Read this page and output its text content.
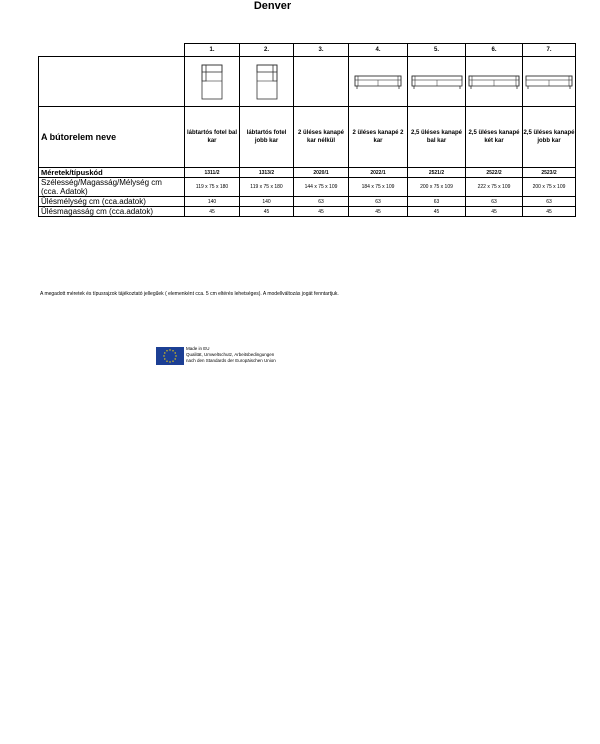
Denver
	1.	2.	3.	4.	5.	6.	7.

A bútorelem neve	lábtartós fotel bal kar	lábtartós fotel jobb kar	2 üléses kanapé kar nélkül	2 üléses kanapé 2 kar	2,5 üléses kanapé bal kar	2,5 üléses kanapé két kar	2,5 üléses kanapé jobb kar
Méretek/típuskód	1311/2	1313/2	2020/1	2022/1	2521/2	2522/2	2523/2
Szélesség/Magasság/Mélység cm
(cca. Adatok)	119 x 75 x 180	119 x 75 x 180	144 x 75 x 109	184 x 75 x 109	200 x 75 x 109	222 x 75 x 109	200 x 75 x 109
Ülésmélység cm (cca.adatok)	140	140	63	63	63	63	63
Ülésmagasság cm (cca.adatok)	45	45	45	45	45	45	45
A megadott méretek és típusrajzok tájékoztató jellegűek ( elemenként cca. 5 cm eltérés lehetséges). A modellváltozás jogát fenntartjuk.
Made in EU
Qualität, Umweltschutz, Arbeitsbedingungen
nach den Standards der Europäischen Union
